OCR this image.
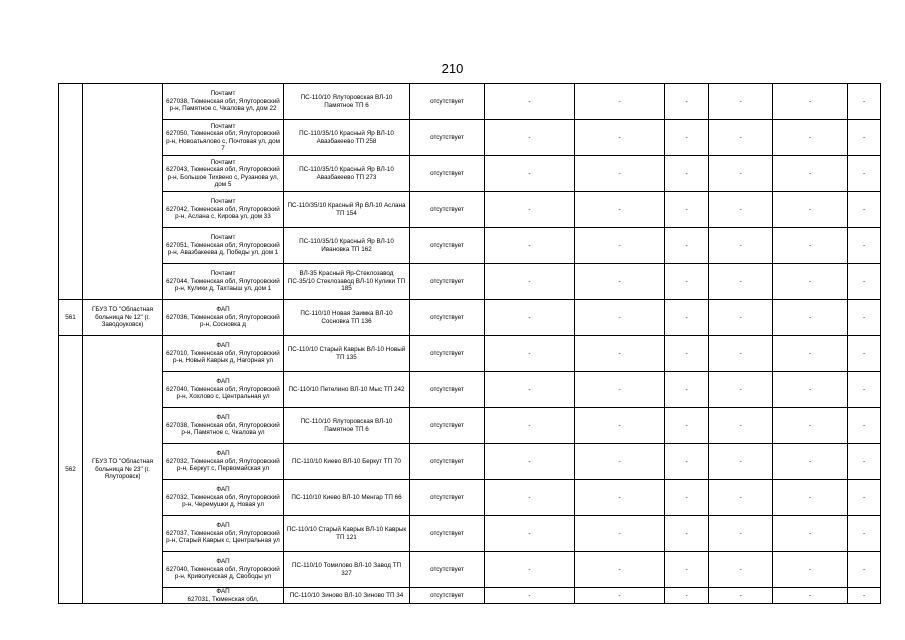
210
		Почтамт
627038, Тюменская обл, Ялуторовский р-н, Памятное с, Чкалова ул, дом 22	ПС-110/10 Ялуторовская ВЛ-10 Памятное ТП 6	отсутствует	-	-	-	-	-	-
		Почтамт
627050, Тюменская обл, Ялуторовский р-н, Новоатьялово с, Почтовая ул, дом 7	ПС-110/35/10 Красный Яр ВЛ-10 Авазбакеево ТП 258	отсутствует	-	-	-	-	-	-
		Почтамт
627043, Тюменская обл, Ялуторовский р-н, Большое Тихвено с, Рузанова ул, дом 5	ПС-110/35/10 Красный Яр ВЛ-10 Авазбакеево ТП 273	отсутствует	-	-	-	-	-	-
		Почтамт
627042, Тюменская обл, Ялуторовский р-н, Асланa с, Кирова ул, дом 33	ПС-110/35/10 Красный Яр ВЛ-10 Асланa ТП 154	отсутствует	-	-	-	-	-	-
		Почтамт
627051, Тюменская обл, Ялуторовский р-н, Авазбакеева д, Победы ул, дом 1	ПС-110/35/10 Красный Яр ВЛ-10 Ивановка ТП 162	отсутствует	-	-	-	-	-	-
		Почтамт
627044, Тюменская обл, Ялуторовский р-н, Кулики д, Тахтаыш ул, дом 1	ВЛ-35 Красный Яр-Стеклозавод ПС-35/10 Стеклозавод ВЛ-10 Кулики ТП 185	отсутствует	-	-	-	-	-	-
561	ГБУЗ ТО "Областная больница № 12" (г. Заводоуковск)	ФАП
627036, Тюменская обл, Ялуторовский р-н, Сосновка д	ПС-110/10 Новая Заимка ВЛ-10 Сосновка ТП 136	отсутствует	-	-	-	-	-	-
562	ГБУЗ ТО "Областная больница № 23" (г. Ялуторовск)	ФАП
627010, Тюменская обл, Ялуторовский р-н, Новый Каврык д, Нагорная ул	ПС-110/10 Старый Каврык ВЛ-10 Новый ТП 135	отсутствует	-	-	-	-	-	-
		ФАП
627040, Тюменская обл, Ялуторовский р-н, Хохлово с, Центральная ул	ПС-110/10 Петелино ВЛ-10 Мыс ТП 242	отсутствует	-	-	-	-	-	-
		ФАП
627038, Тюменская обл, Ялуторовский р-н, Памятное с, Чкалова ул	ПС-110/10 Ялуторовская ВЛ-10 Памятное ТП 6	отсутствует	-	-	-	-	-	-
		ФАП
627032, Тюменская обл, Ялуторовский р-н, Беркут с, Первомайская ул	ПС-110/10 Киево ВЛ-10 Беркут ТП 70	отсутствует	-	-	-	-	-	-
		ФАП
627032, Тюменская обл, Ялуторовский р-н, Черемушки д, Новая ул	ПС-110/10 Киево ВЛ-10 Менгар ТП 66	отсутствует	-	-	-	-	-	-
		ФАП
627037, Тюменская обл, Ялуторовский р-н, Старый Каврык с, Центральная ул	ПС-110/10 Старый Каврык ВЛ-10 Каврык ТП 121	отсутствует	-	-	-	-	-	-
		ФАП
627040, Тюменская обл, Ялуторовский р-н, Криволукская д, Свободы ул	ПС-110/10 Томилово ВЛ-10 Завод ТП 327	отсутствует	-	-	-	-	-	-
		ФАП
627031, Тюменская обл,	ПС-110/10 Зиново ВЛ-10 Зиново ТП 34	отсутствует	-	-	-	-	-	-
